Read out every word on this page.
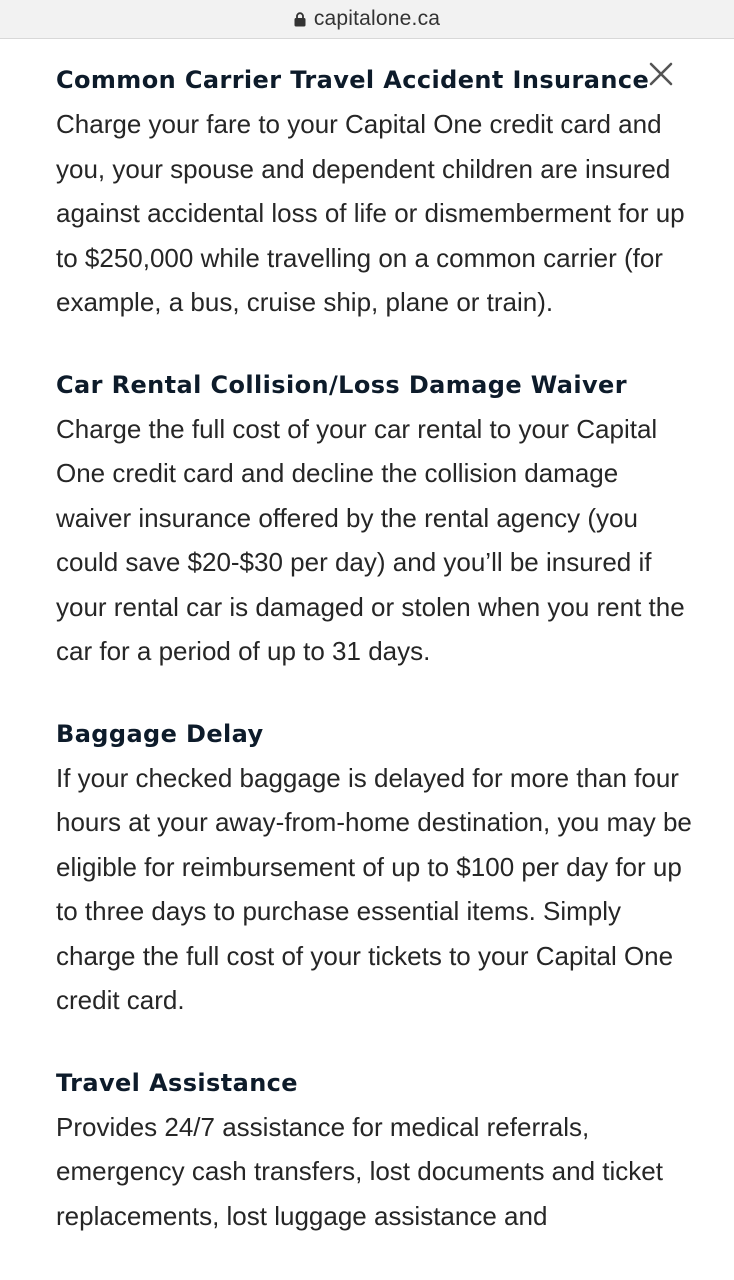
capitalone.ca
Common Carrier Travel Accident Insurance
Charge your fare to your Capital One credit card and you, your spouse and dependent children are insured against accidental loss of life or dismemberment for up to $250,000 while travelling on a common carrier (for example, a bus, cruise ship, plane or train).
Car Rental Collision/Loss Damage Waiver
Charge the full cost of your car rental to your Capital One credit card and decline the collision damage waiver insurance offered by the rental agency (you could save $20-$30 per day) and you’ll be insured if your rental car is damaged or stolen when you rent the car for a period of up to 31 days.
Baggage Delay
If your checked baggage is delayed for more than four hours at your away-from-home destination, you may be eligible for reimbursement of up to $100 per day for up to three days to purchase essential items. Simply charge the full cost of your tickets to your Capital One credit card.
Travel Assistance
Provides 24/7 assistance for medical referrals, emergency cash transfers, lost documents and ticket replacements, lost luggage assistance and
